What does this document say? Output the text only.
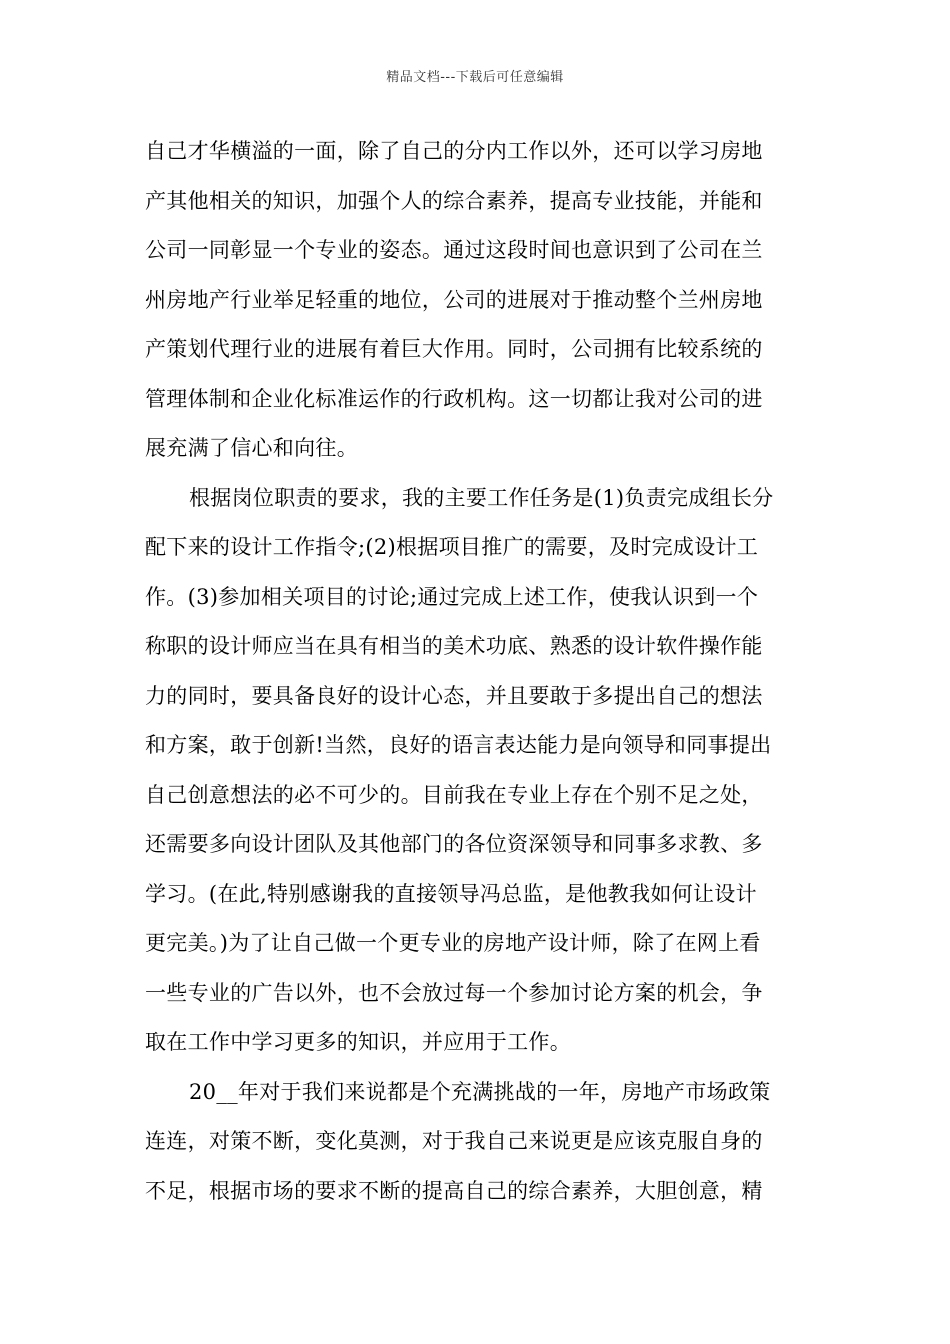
精品文档---下载后可任意编辑
自己才华横溢的一面，除了自己的分内工作以外，还可以学习房地
产其他相关的知识，加强个人的综合素养，提高专业技能，并能和
公司一同彰显一个专业的姿态。通过这段时间也意识到了公司在兰
州房地产行业举足轻重的地位，公司的进展对于推动整个兰州房地
产策划代理行业的进展有着巨大作用。同时，公司拥有比较系统的
管理体制和企业化标准运作的行政机构。这一切都让我对公司的进
展充满了信心和向往。
根据岗位职责的要求，我的主要工作任务是(1)负责完成组长分
配下来的设计工作指令;(2)根据项目推广的需要，及时完成设计工
作。(3)参加相关项目的讨论;通过完成上述工作，使我认识到一个
称职的设计师应当在具有相当的美术功底、熟悉的设计软件操作能
力的同时，要具备良好的设计心态，并且要敢于多提出自己的想法
和方案，敢于创新!当然，良好的语言表达能力是向领导和同事提出
自己创意想法的必不可少的。目前我在专业上存在个别不足之处，
还需要多向设计团队及其他部门的各位资深领导和同事多求教、多
学习。(在此,特别感谢我的直接领导冯总监，是他教我如何让设计
更完美。)为了让自己做一个更专业的房地产设计师，除了在网上看
一些专业的广告以外，也不会放过每一个参加讨论方案的机会，争
取在工作中学习更多的知识，并应用于工作。
20__年对于我们来说都是个充满挑战的一年，房地产市场政策
连连，对策不断，变化莫测，对于我自己来说更是应该克服自身的
不足，根据市场的要求不断的提高自己的综合素养，大胆创意，精
